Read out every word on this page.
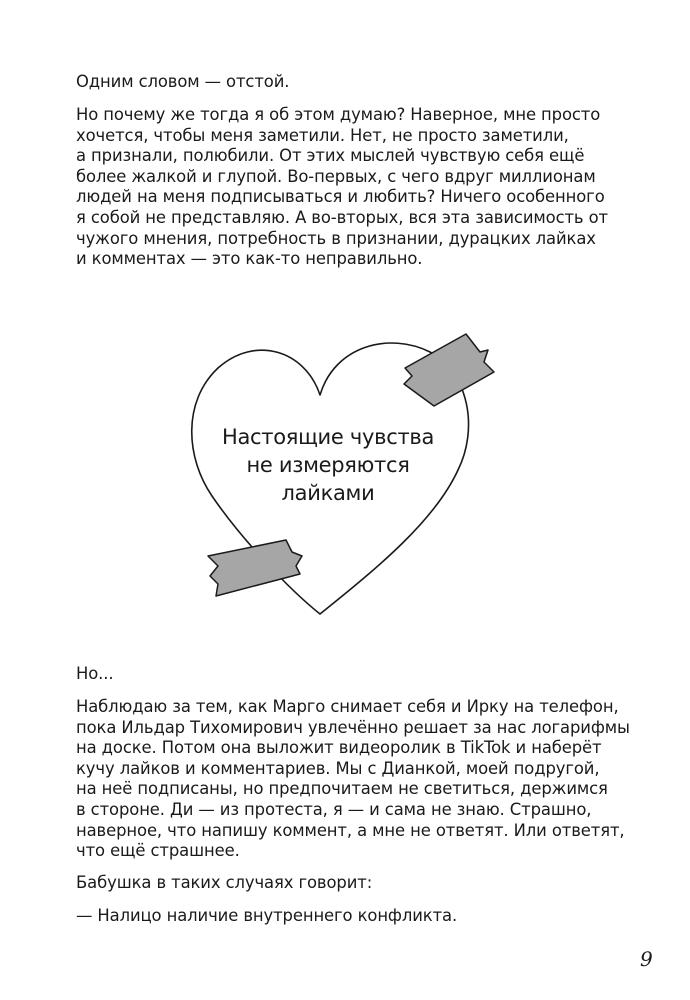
Одним словом — отстой.

Но почему же тогда я об этом думаю? Наверное, мне просто
хочется, чтобы меня заметили. Нет, не просто заметили,
а признали, полюбили. От этих мыслей чувствую себя ещё
более жалкой и глупой. Во-первых, с чего вдруг миллионам
людей на меня подписываться и любить? Ничего особенного
я собой не представляю. А во-вторых, вся эта зависимость от
чужого мнения, потребность в признании, дурацких лайках
и комментах — это как-то неправильно.

Настоящие чувства
не измеряются
лайками

Но...

Наблюдаю за тем, как Марго снимает себя и Ирку на телефон,
пока Ильдар Тихомирович увлечённо решает за нас логарифмы
на доске. Потом она выложит видеоролик в TikTok и наберёт
кучу лайков и комментариев. Мы с Дианкой, моей подругой,
на неё подписаны, но предпочитаем не светиться, держимся
в стороне. Ди — из протеста, я — и сама не знаю. Страшно,
наверное, что напишу коммент, а мне не ответят. Или ответят,
что ещё страшнее.

Бабушка в таких случаях говорит:

— Налицо наличие внутреннего конфликта.

9
